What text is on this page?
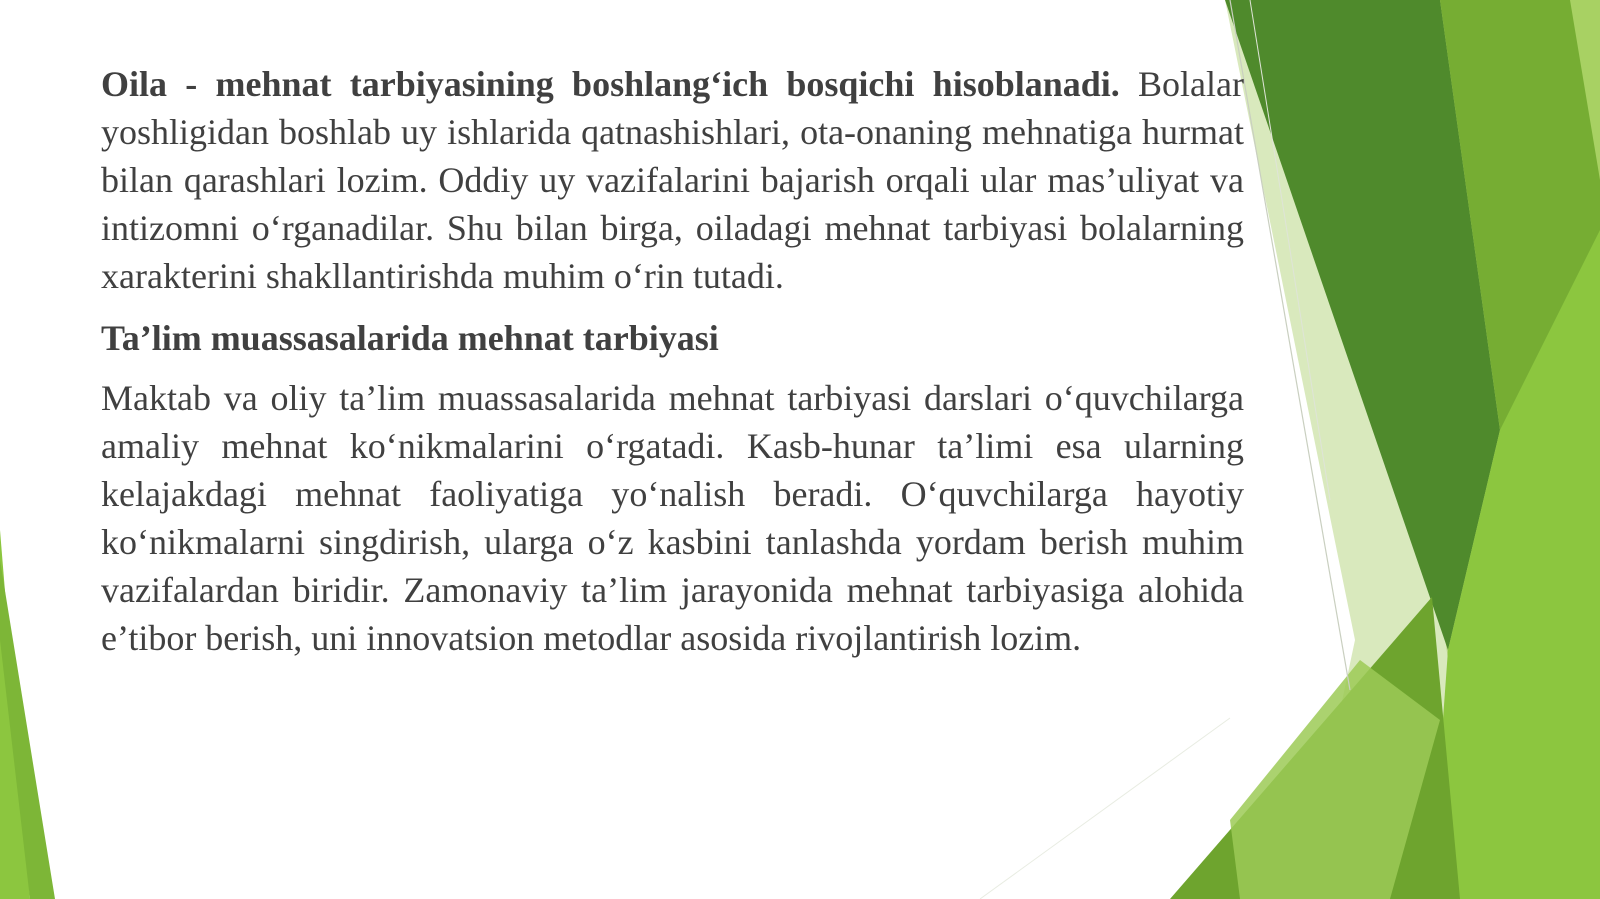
Oila - mehnat tarbiyasining boshlang‘ich bosqichi hisoblanadi. Bolalar yoshligidan boshlab uy ishlarida qatnashishlari, ota-onaning mehnatiga hurmat bilan qarashlari lozim. Oddiy uy vazifalarini bajarish orqali ular mas’uliyat va intizomni o‘rganadilar. Shu bilan birga, oiladagi mehnat tarbiyasi bolalarning xarakterini shakllantirishda muhim o‘rin tutadi.

Ta’lim muassasalarida mehnat tarbiyasi

Maktab va oliy ta’lim muassasalarida mehnat tarbiyasi darslari o‘quvchilarga amaliy mehnat ko‘nikmalarini o‘rgatadi. Kasb-hunar ta’limi esa ularning kelajakdagi mehnat faoliyatiga yo‘nalish beradi. O‘quvchilarga hayotiy ko‘nikmalarni singdirish, ularga o‘z kasbini tanlashda yordam berish muhim vazifalardan biridir. Zamonaviy ta’lim jarayonida mehnat tarbiyasiga alohida e’tibor berish, uni innovatsion metodlar asosida rivojlantirish lozim.
